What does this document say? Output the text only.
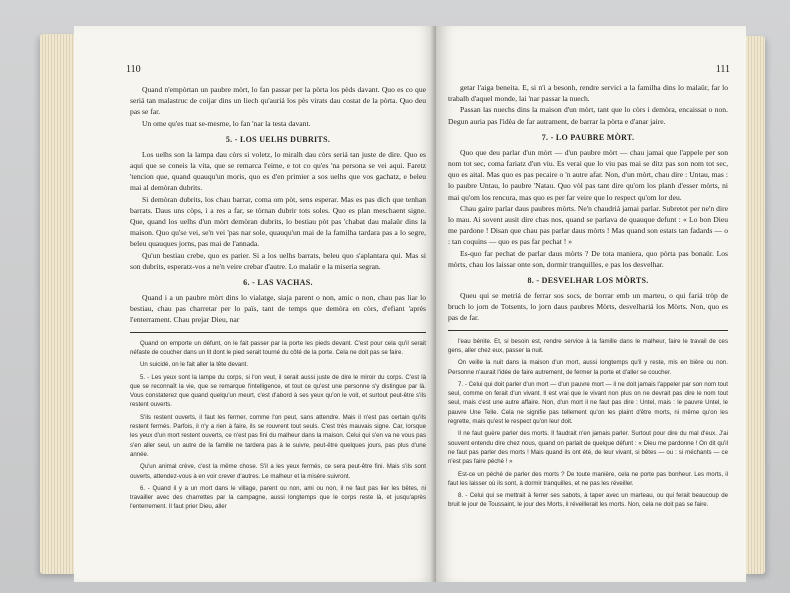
110

Quand n'empòrtan un paubre mòrt, lo fan passar per la pòrta los pèds davant. Quo es co que seriá tan malastruc de coijar dins un liech qu'auriá los pès virats dau costat de la pòrta. Quo deu pas se far.

Un ome qu'es tuat se-mesme, lo fan 'nar la testa davant.

5. - LOS UELHS DUBRITS.

Los uelhs son la lampa dau còrs si voletz, lo miralh dau còrs seriá tan juste de dire. Quo es aqui que se coneis la vita, que se remarca l'eime, e tot co qu'es 'na persona se vei aqui. Faretz 'tencion que, quand quauqu'un moris, quo es d'en primier a sos uelhs que vos gachatz, e beleu mai al demòran dubrits.

Si demòran dubrits, los chau barrar, coma om pòt, sens esperar. Mas es pas dich que tenhan barrats. Daus uns còps, i a res a far, se tòrnan dubrir tots soles. Quo es plan meschaent signe. Que, quand los uelhs d'un mòrt demòran dubrits, lo bestiau pòt pas 'chabat dau malaür dins la maison. Quo qu'se vei, se'n vei 'pas nar sole, quauqu'un mai de la familha tardara pas a lo segre, beleu quauques jorns, pas mai de l'annada.

Qu'un bestiau crebe, quo es parier. Si a los uelhs barrats, beleu quo s'aplantara qui. Mas si son dubrits, esperatz-vos a ne'n veire crebar d'autre. Lo malaür e la miseria segran.

6. - LAS VACHAS.

Quand i a un paubre mòrt dins lo vialatge, siaja parent o non, amic o non, chau pas liar lo bestiau, chau pas charretar per lo païs, tant de temps que demòra en còrs, d'efiant 'aprés l'enterrament. Chau prejar Dieu, nar

Quand on emporte un défunt, on le fait passer par la porte les pieds devant. C'est pour cela qu'il serait néfaste de coucher dans un lit dont le pied serait tourné du côté de la porte. Cela ne doit pas se faire.

Un suicidé, on le fait aller la tête devant.

5. - Les yeux sont la lampe du corps, si l'on veut, il serait aussi juste de dire le miroir du corps. C'est là que se reconnaît la vie, que se remarque l'intelligence, et tout ce qu'est une personne s'y distingue par là. Vous constaterez que quand quelqu'un meurt, c'est d'abord à ses yeux qu'on le voit, et surtout peut-être s'ils restent ouverts.

S'ils restent ouverts, il faut les fermer, comme l'on peut, sans attendre. Mais il n'est pas certain qu'ils restent fermés. Parfois, il n'y a rien à faire, ils se rouvrent tout seuls. C'est très mauvais signe. Car, lorsque les yeux d'un mort restent ouverts, ce n'est pas fini du malheur dans la maison. Celui qui s'en va ne vous pas s'en aller seul, un autre de la famille ne tardera pas à le suivre, peut-être quelques jours, pas plus d'une année.

Qu'un animal crève, c'est la même chose. S'il a les yeux fermés, ce sera peut-être fini. Mais s'ils sont ouverts, attendez-vous à en voir crever d'autres. Le malheur et la misère suivront.

6. - Quand il y a un mort dans le village, parent ou non, ami ou non, il ne faut pas lier les bêtes, ni travailler avec des charrettes par la campagne, aussi longtemps que le corps reste là, et jusqu'après l'enterrement. Il faut prier Dieu, aller

111

getar l'aiga beneita. E, si n'i a besonh, rendre servici a la familha dins lo malaür, far lo trabalh d'aquel monde, lai 'nar passar la nuech.

Passan las nuechs dins la maison d'un mòrt, tant que lo còrs i demòra, encaissat o non. Degun auria pas l'idèa de far autrament, de barrar la pòrta e d'anar jaire.

7. - LO PAUBRE MÒRT.

Quo que deu parlar d'un mòrt — d'un paubre mòrt — chau jamai que l'appele per son nom tot sec, coma fariatz d'un viu. Es verai que lo viu pas mai se ditz pas son nom tot sec, quo es aital. Mas quo es pas pecaire o 'n autre afar. Non, d'un mòrt, chau dire : Untau, mas : lo paubre Untau, lo paubre 'Natau. Quo vòl pas tant dire qu'om los planh d'esser mòrts, ni mai qu'om los rencura, mas quo es per far veire que lo respect qu'om lor deu.

Chau gaire parlar daus paubres mòrts. Ne'n chaudriá jamai parlar. Subretot per ne'n dire lo mau. Ai sovent ausit dire chas nos, quand se parlava de quauque defunt : « Lo bon Dieu me pardone ! Disan que chau pas parlar daus mòrts ! Mas quand son estats tan fadards — o : tan coquins — quo es pas far pechat ! »

Es-quo far pechat de parlar daus mòrts ? De tota maniera, quo pòrta pas bonaür. Los mòrts, chau los laissar onte son, dormir tranquilles, e pas los desvelhar.

8. - DESVELHAR LOS MÒRTS.

Queu qui se metriá de ferrar sos socs, de borrar emb un marteu, o qui fariá tròp de bruch lo jorn de Totsents, lo jorn daus paubres Mòrts, desvelhariá los Mòrts. Non, quo es pas de far.

l'eau bénite. Et, si besoin est, rendre service à la famille dans le malheur, faire le travail de ces gens, aller chez eux, passer la nuit.

On veille la nuit dans la maison d'un mort, aussi longtemps qu'il y reste, mis en bière ou non. Personne n'aurait l'idée de faire autrement, de fermer la porte et d'aller se coucher.

7. - Celui qui doit parler d'un mort — d'un pauvre mort — il ne doit jamais l'appeler par son nom tout seul, comme on ferait d'un vivant. Il est vrai que le vivant non plus on ne devrait pas dire le nom tout seul, mais c'est une autre affaire. Non, d'un mort il ne faut pas dire : Untel, mais : le pauvre Untel, le pauvre Une Telle. Cela ne signifie pas tellement qu'on les plaint d'être morts, ni même qu'on les regrette, mais qu'est le respect qu'on leur doit.

Il ne faut guère parler des morts. Il faudrait n'en jamais parler. Surtout pour dire du mal d'eux. J'ai souvent entendu dire chez nous, quand on parlait de quelque défunt : « Dieu me pardonne ! On dit qu'il ne faut pas parler des morts ! Mais quand ils ont été, de leur vivant, si bêtes — ou : si méchants — ce n'est pas faire péché ! »

Est-ce un péché de parler des morts ? De toute manière, cela ne porte pas bonheur. Les morts, il faut les laisser où ils sont, à dormir tranquilles, et ne pas les réveiller.

8. - Celui qui se mettrait à ferrer ses sabots, à taper avec un marteau, ou qui ferait beaucoup de bruit le jour de Toussaint, le jour des Morts, il réveillerait les morts. Non, cela ne doit pas se faire.
